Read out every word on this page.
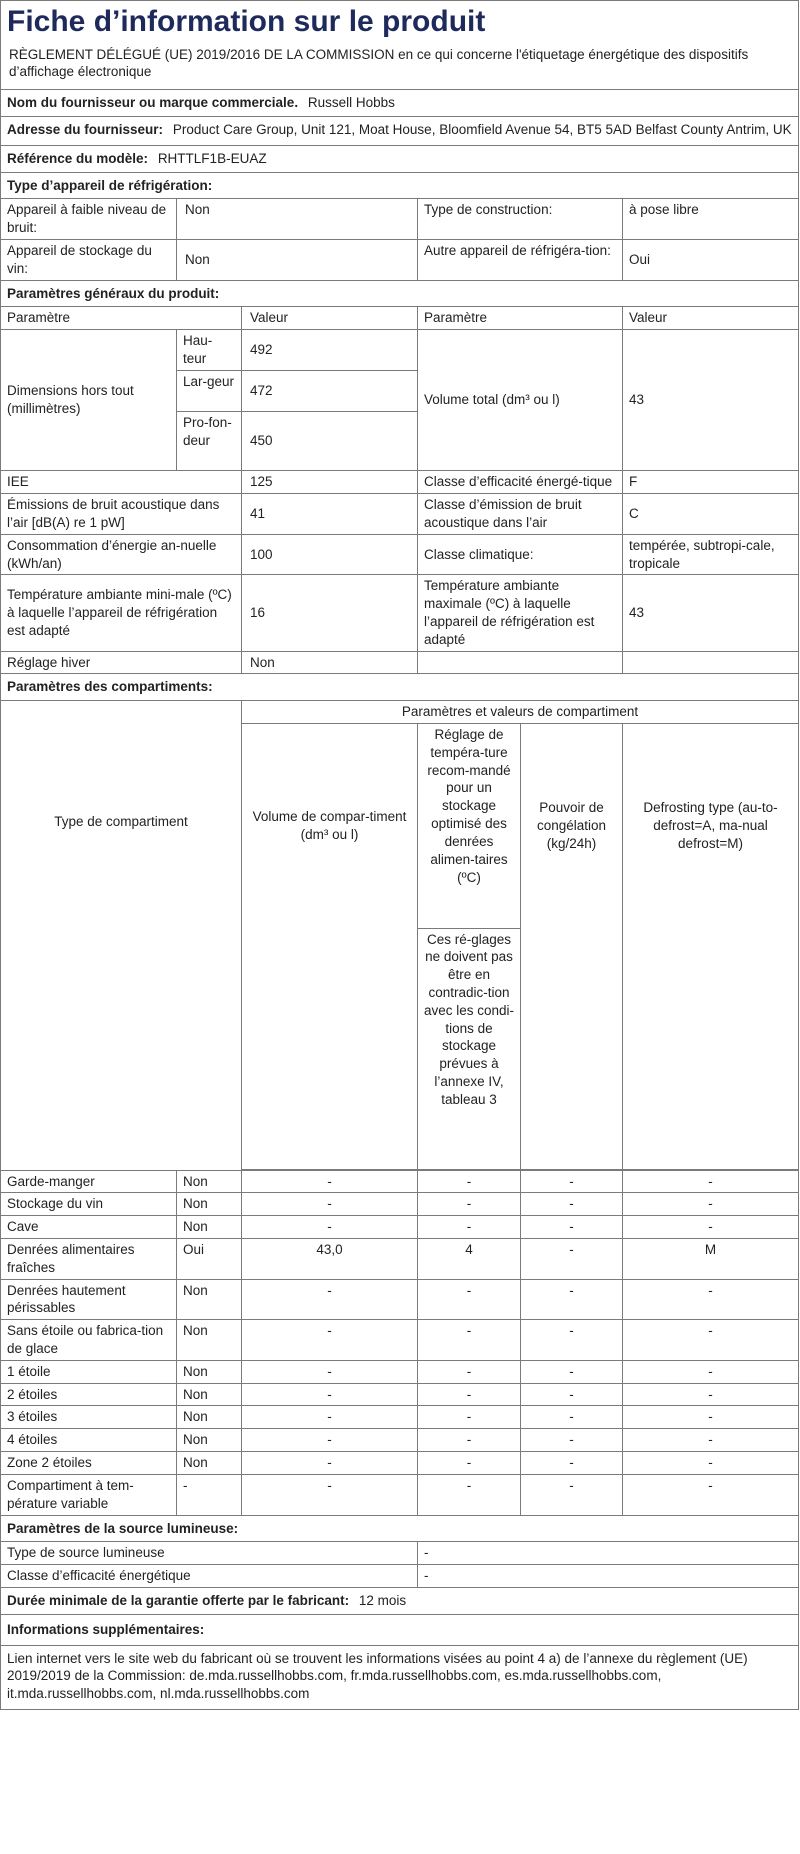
Fiche d’information sur le produit					
RÈGLEMENT DÉLÉGUÉ (UE) 2019/2016 DE LA COMMISSION en ce qui concerne l'étiquetage énergétique des dispositifs d’affichage électronique					
Nom du fournisseur ou marque commerciale. Russell Hobbs					
Adresse du fournisseur: Product Care Group, Unit 121, Moat House, Bloomfield Avenue 54, BT5 5AD Belfast County Antrim, UK					
Référence du modèle: RHTTLF1B-EUAZ					
Type d’appareil de réfrigération:					
Appareil à faible niveau de bruit:	Non		Type de construction:		à pose libre
Appareil de stockage du vin:	Non		Autre appareil de réfrigéra-tion:		Oui
Paramètres généraux du produit:					
Paramètre		Valeur	Paramètre		Valeur
Dimensions hors tout (millimètres)	Hau-teur	492	Volume total (dm³ ou l)		43
	Lar-geur	472			
	Pro-fon-deur	450			
IEE		125	Classe d’efficacité énergé-tique		F
Émissions de bruit acoustique dans l’air [dB(A) re 1 pW]		41	Classe d’émission de bruit acoustique dans l’air		C
Consommation d’énergie an-nuelle (kWh/an)		100	Classe climatique:		tempérée, subtropi-cale, tropicale
Température ambiante mini-male (ºC) à laquelle l’appareil de réfrigération est adapté		16	Température ambiante maximale (ºC) à laquelle l’appareil de réfrigération est adapté		43
Réglage hiver		Non			
Paramètres des compartiments:					
Type de compartiment		Paramètres et valeurs de compartiment			
		Volume de compar-timent (dm³ ou l)	Réglage de tempéra-ture recom-mandé pour un stockage optimisé des denrées alimen-taires (ºC)	Pouvoir de congélation (kg/24h)	Defrosting type (au-to-defrost=A, ma-nual defrost=M)
			Ces ré-glages ne doivent pas être en contradic-tion avec les condi-tions de stockage prévues à l’annexe IV, tableau 3		

Garde-manger	Non	-	-	-	-
Stockage du vin	Non	-	-	-	-
Cave	Non	-	-	-	-
Denrées alimentaires fraîches	Oui	43,0	4	-	M
Denrées hautement périssables	Non	-	-	-	-
Sans étoile ou fabrica-tion de glace	Non	-	-	-	-
1 étoile	Non	-	-	-	-
2 étoiles	Non	-	-	-	-
3 étoiles	Non	-	-	-	-
4 étoiles	Non	-	-	-	-
Zone 2 étoiles	Non	-	-	-	-
Compartiment à tem-pérature variable	-	-	-	-	-
Paramètres de la source lumineuse:	
Type de source lumineuse	-
Classe d’efficacité énergétique	-
Durée minimale de la garantie offerte par le fabricant: 12 mois	
Informations supplémentaires:	
Lien internet vers le site web du fabricant où se trouvent les informations visées au point 4 a) de l’annexe du règlement (UE) 2019/2019 de la Commission: de.mda.russellhobbs.com, fr.mda.russellhobbs.com, es.mda.russellhobbs.com, it.mda.russellhobbs.com, nl.mda.russellhobbs.com	
